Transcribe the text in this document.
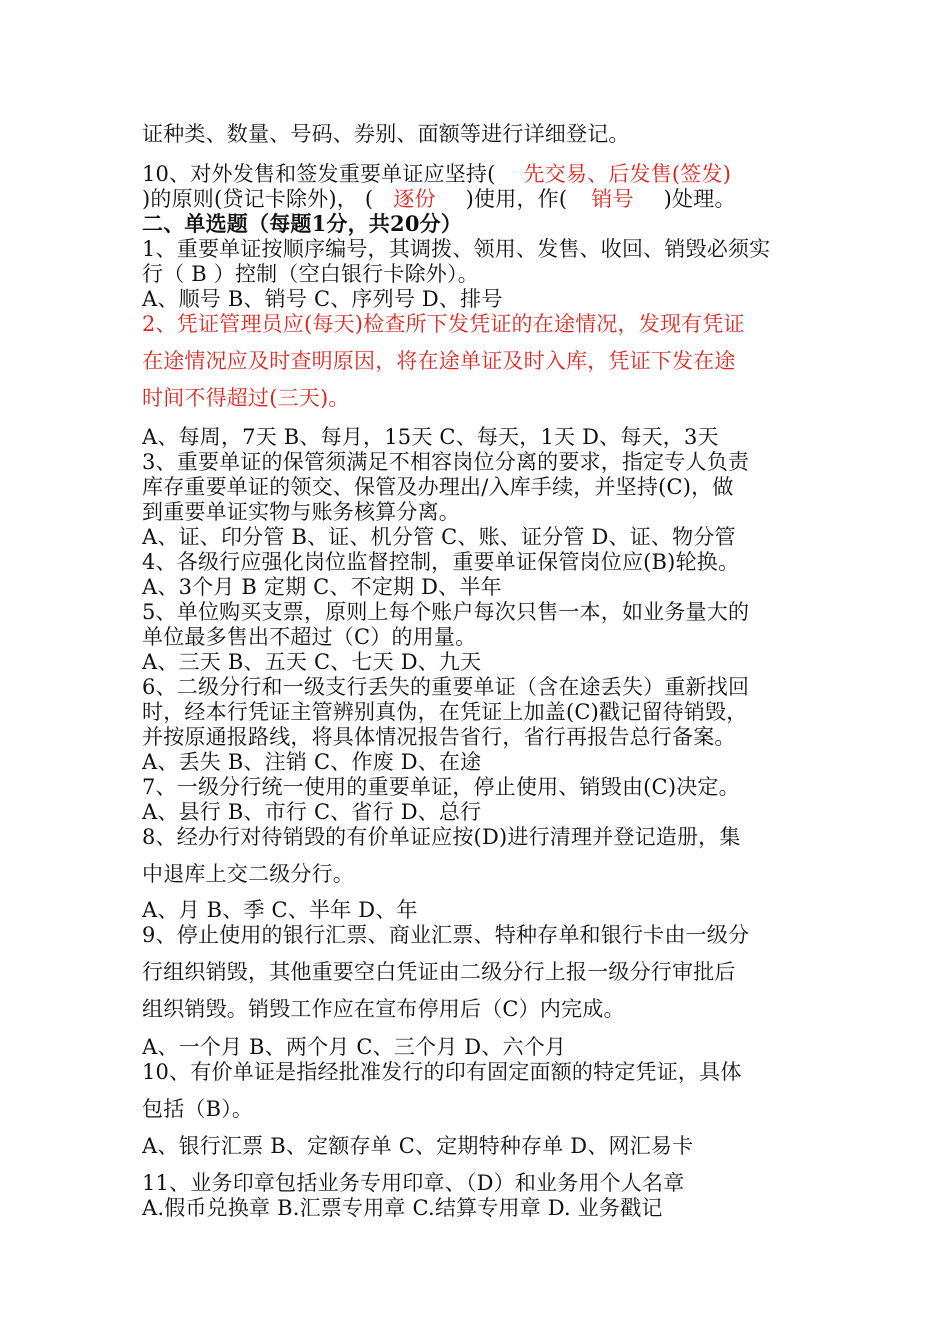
证种类、数量、号码、券别、面额等进行详细登记。
10、对外发售和签发重要单证应坚持( 先交易、后发售(签发)
)的原则(贷记卡除外)， ( 逐份 )使用，作( 销号 )处理。
二、单选题（每题1分，共20分）
1、重要单证按顺序编号，其调拨、领用、发售、收回、销毁必须实
行（ B ）控制（空白银行卡除外）。
A、顺号 B、销号 C、序列号 D、排号
2、凭证管理员应(每天)检查所下发凭证的在途情况，发现有凭证
在途情况应及时查明原因，将在途单证及时入库，凭证下发在途
时间不得超过(三天)。
A、每周，7天 B、每月，15天 C、每天，1天 D、每天，3天
3、重要单证的保管须满足不相容岗位分离的要求，指定专人负责
库存重要单证的领交、保管及办理出/入库手续，并坚持(C)，做
到重要单证实物与账务核算分离。
A、证、印分管 B、证、机分管 C、账、证分管 D、证、物分管
4、各级行应强化岗位监督控制，重要单证保管岗位应(B)轮换。
A、3个月 B 定期 C、不定期 D、半年
5、单位购买支票，原则上每个账户每次只售一本，如业务量大的
单位最多售出不超过（C）的用量。
A、三天 B、五天 C、七天 D、九天
6、二级分行和一级支行丢失的重要单证（含在途丢失）重新找回
时，经本行凭证主管辨别真伪，在凭证上加盖(C)戳记留待销毁，
并按原通报路线，将具体情况报告省行，省行再报告总行备案。
A、丢失 B、注销 C、作废 D、在途
7、一级分行统一使用的重要单证，停止使用、销毁由(C)决定。
A、县行 B、市行 C、省行 D、总行
8、经办行对待销毁的有价单证应按(D)进行清理并登记造册，集
中退库上交二级分行。
A、月 B、季 C、半年 D、年
9、停止使用的银行汇票、商业汇票、特种存单和银行卡由一级分
行组织销毁，其他重要空白凭证由二级分行上报一级分行审批后
组织销毁。销毁工作应在宣布停用后（C）内完成。
A、一个月 B、两个月 C、三个月 D、六个月
10、有价单证是指经批准发行的印有固定面额的特定凭证，具体
包括（B）。
A、银行汇票 B、定额存单 C、定期特种存单 D、网汇易卡
11、业务印章包括业务专用印章、（D）和业务用个人名章
A.假币兑换章 B.汇票专用章 C.结算专用章 D. 业务戳记
